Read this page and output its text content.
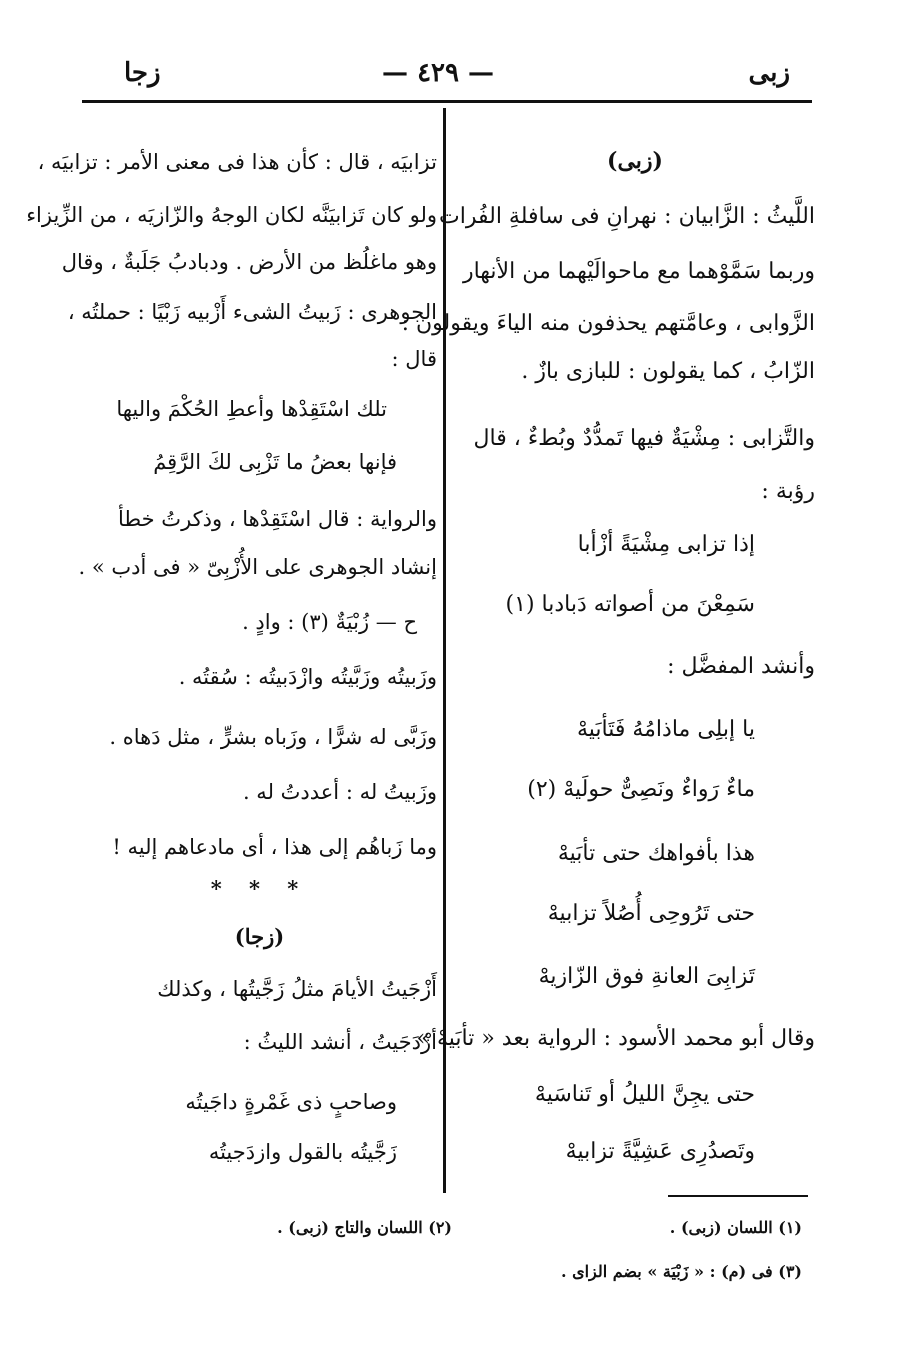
زبى
— ٤٢٩ —
زجا
(زبى)
اللَّيثُ : الزَّابيان : نهرانِ فى سافلةِ الفُرات
وربما سَمَّوْهما مع ماحوالَيْهما من الأنهار
الزَّوابى ، وعامَّتهم يحذفون منه الياءَ ويقولون :
الزّابُ ، كما يقولون : للبازى بازٌ .
والتَّزابى : مِشْيَةٌ فيها تَمدُّدٌ وبُطءٌ ، قال
رؤبة :
إذا تزابى مِشْيَةً أزْأبا
سَمِعْنَ من أصواته دَبادبا (١)
وأنشد المفضَّل :
يا إبلِى ماذامُهُ فَتَأبَيهْ
ماءٌ رَواءٌ ونَصِىٌّ حولَيهْ (٢)
هذا بأفواهك حتى تأبَيهْ
حتى تَرُوحِى أُصُلاً تزابيهْ
تَزابِىَ العانةِ فوق الزّازيهْ
وقال أبو محمد الأسود : الرواية بعد « تأبَيهْ »
حتى يجِنَّ الليلُ أو تَناسَيهْ
وتَصدُرِى عَشِيَّةً تزابيهْ
تزابيَه ، قال : كأن هذا فى معنى الأمر : تزابيَه ،
ولو كان تَزابيَنَّه لكان الوجهُ والزّازيَه ، من الزِّيزاء
وهو ماغلُظ من الأرض . ودبادبُ جَلَبةٌ ، وقال
الجوهرى : زَبيتُ الشىء أَزْبيه زَبْيًا : حملتُه ،
قال :
تلك اسْتَقِدْها وأعطِ الحُكْمَ واليها
فإنها بعضُ ما تَزْبِى لكَ الرَّقِمُ
والرواية : قال اسْتَقِدْها ، وذكرتُ خطأ
إنشاد الجوهرى على الأُزْبِىّ « فى أدب » .
ح — زُبْيَةٌ (٣) : وادٍ .
وزَبيتُه وزَبَّيتُه وازْدَبيتُه : سُقتُه .
وزَبَّى له شرًّا ، وزَباه بشرٍّ ، مثل دَهاه .
وزَبيتُ له : أعددتُ له .
وما زَباهُم إلى هذا ، أى مادعاهم إليه !
* * *
(زجا)
أَزْجَيتُ الأيامَ مثلُ زَجَّيتُها ، وكذلك
أزْدَجَيتُ ، أنشد الليثُ :
وصاحبٍ ذى غَمْرةٍ داجَيتُه
زَجَّيتُه بالقول وازدَجيتُه
(١) اللسان (زبى) .
(٢) اللسان والتاج (زبى) .
(٣) فى (م) : « زَبْيَة » بضم الزاى .
